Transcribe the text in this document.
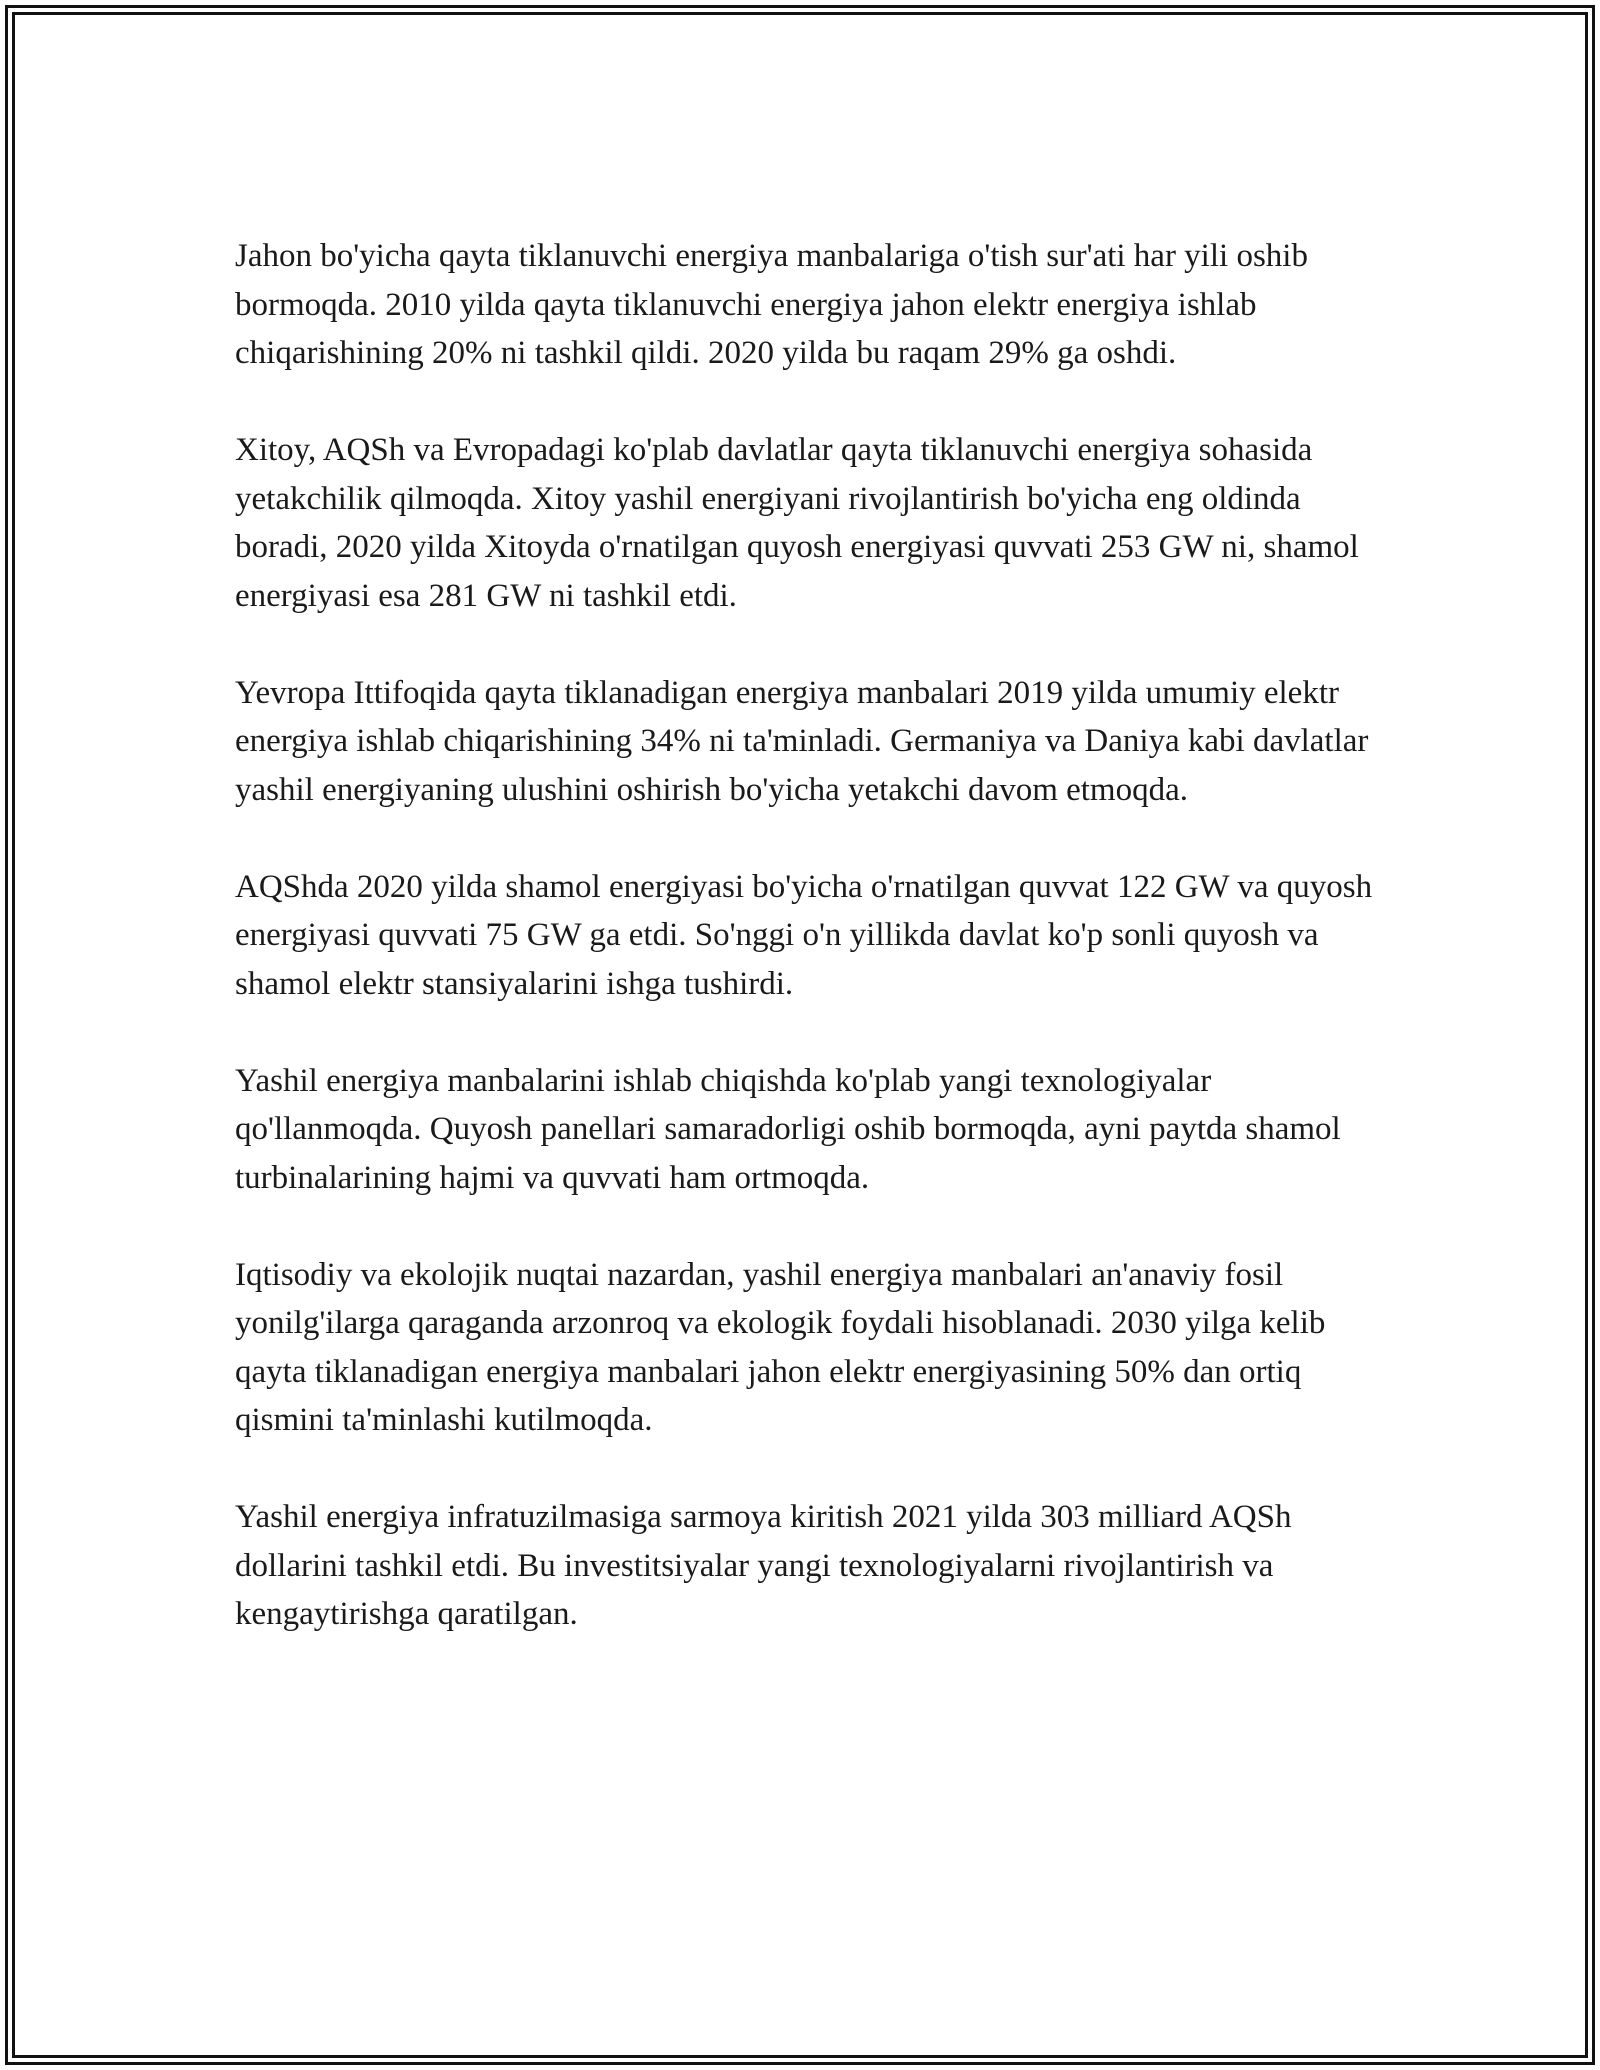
Jahon bo'yicha qayta tiklanuvchi energiya manbalariga o'tish sur'ati har yili oshib bormoqda. 2010 yilda qayta tiklanuvchi energiya jahon elektr energiya ishlab chiqarishining 20% ni tashkil qildi. 2020 yilda bu raqam 29% ga oshdi.

Xitoy, AQSh va Evropadagi ko'plab davlatlar qayta tiklanuvchi energiya sohasida yetakchilik qilmoqda. Xitoy yashil energiyani rivojlantirish bo'yicha eng oldinda boradi, 2020 yilda Xitoyda o'rnatilgan quyosh energiyasi quvvati 253 GW ni, shamol energiyasi esa 281 GW ni tashkil etdi.

Yevropa Ittifoqida qayta tiklanadigan energiya manbalari 2019 yilda umumiy elektr energiya ishlab chiqarishining 34% ni ta'minladi. Germaniya va Daniya kabi davlatlar yashil energiyaning ulushini oshirish bo'yicha yetakchi davom etmoqda.

AQShda 2020 yilda shamol energiyasi bo'yicha o'rnatilgan quvvat 122 GW va quyosh energiyasi quvvati 75 GW ga etdi. So'nggi o'n yillikda davlat ko'p sonli quyosh va shamol elektr stansiyalarini ishga tushirdi.

Yashil energiya manbalarini ishlab chiqishda ko'plab yangi texnologiyalar qo'llanmoqda. Quyosh panellari samaradorligi oshib bormoqda, ayni paytda shamol turbinalarining hajmi va quvvati ham ortmoqda.

Iqtisodiy va ekolojik nuqtai nazardan, yashil energiya manbalari an'anaviy fosil yonilg'ilarga qaraganda arzonroq va ekologik foydali hisoblanadi. 2030 yilga kelib qayta tiklanadigan energiya manbalari jahon elektr energiyasining 50% dan ortiq qismini ta'minlashi kutilmoqda.

Yashil energiya infratuzilmasiga sarmoya kiritish 2021 yilda 303 milliard AQSh dollarini tashkil etdi. Bu investitsiyalar yangi texnologiyalarni rivojlantirish va kengaytirishga qaratilgan.
